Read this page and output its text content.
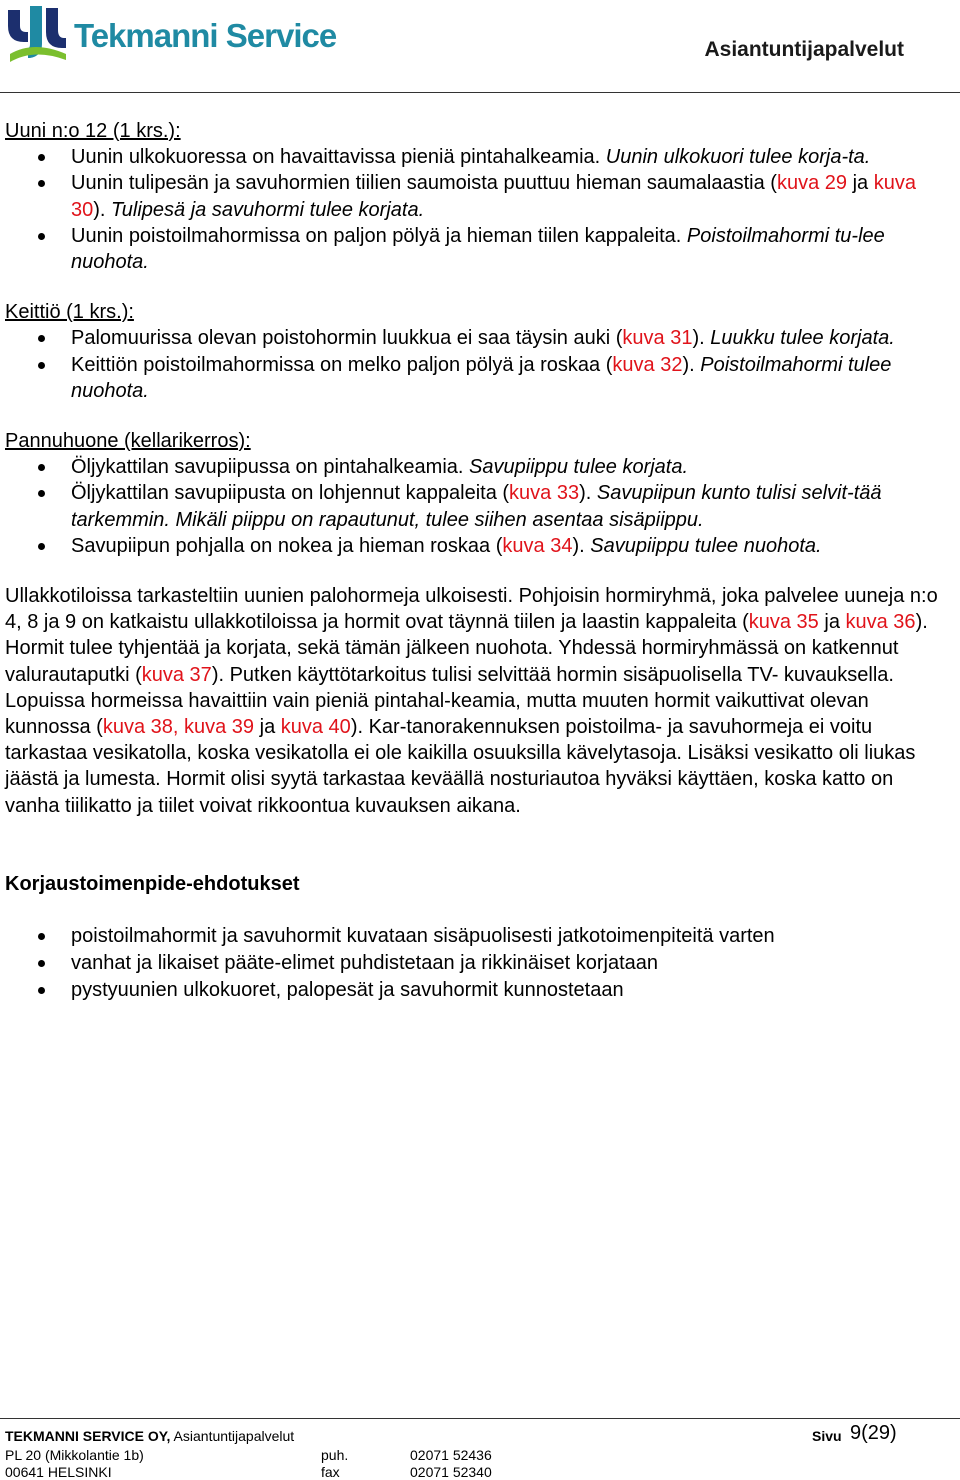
Tekmanni Service	Asiantuntijapalvelut

Uuni n:o 12 (1 krs.):

Uunin ulkokuoressa on havaittavissa pieniä pintahalkeamia. Uunin ulkokuori tulee korja-ta.
Uunin tulipesän ja savuhormien tiilien saumoista puuttuu hieman saumalaastia (kuva 29 ja kuva 30). Tulipesä ja savuhormi tulee korjata.
Uunin poistoilmahormissa on paljon pölyä ja hieman tiilen kappaleita. Poistoilmahormi tu-lee nuohota.

Keittiö (1 krs.):

Palomuurissa olevan poistohormin luukkua ei saa täysin auki (kuva 31). Luukku tulee korjata.
Keittiön poistoilmahormissa on melko paljon pölyä ja roskaa (kuva 32). Poistoilmahormi tulee nuohota.

Pannuhuone (kellarikerros):

Öljykattilan savupiipussa on pintahalkeamia. Savupiippu tulee korjata.
Öljykattilan savupiipusta on lohjennut kappaleita (kuva 33). Savupiipun kunto tulisi selvit-tää tarkemmin. Mikäli piippu on rapautunut, tulee siihen asentaa sisäpiippu.
Savupiipun pohjalla on nokea ja hieman roskaa (kuva 34). Savupiippu tulee nuohota.

Ullakkotiloissa tarkasteltiin uunien palohormeja ulkoisesti. Pohjoisin hormiryhmä, joka palvelee uuneja n:o 4, 8 ja 9 on katkaistu ullakkotiloissa ja hormit ovat täynnä tiilen ja laastin kappaleita (kuva 35 ja kuva 36). Hormit tulee tyhjentää ja korjata, sekä tämän jälkeen nuohota. Yhdessä hormiryhmässä on katkennut valurautaputki (kuva 37). Putken käyttötarkoitus tulisi selvittää hormin sisäpuolisella TV- kuvauksella. Lopuissa hormeissa havaittiin vain pieniä pintahal-keamia, mutta muuten hormit vaikuttivat olevan kunnossa (kuva 38, kuva 39 ja kuva 40). Kar-tanorakennuksen poistoilma- ja savuhormeja ei voitu tarkastaa vesikatolla, koska vesikatolla ei ole kaikilla osuuksilla kävelytasoja. Lisäksi vesikatto oli liukas jäästä ja lumesta. Hormit olisi syytä tarkastaa keväällä nosturiautoa hyväksi käyttäen, koska katto on vanha tiilikatto ja tiilet voivat rikkoontua kuvauksen aikana.

Korjaustoimenpide-ehdotukset

poistoilmahormit ja savuhormit kuvataan sisäpuolisesti jatkotoimenpiteitä varten
vanhat ja likaiset pääte-elimet puhdistetaan ja rikkinäiset korjataan
pystyuunien ulkokuoret, palopesät ja savuhormit kunnostetaan
TEKMANNI SERVICE OY, Asiantuntijapalvelut	Sivu 9(29)
PL 20 (Mikkolantie 1b)
00641 HELSINKI
puh.
fax
02071 52436
02071 52340
